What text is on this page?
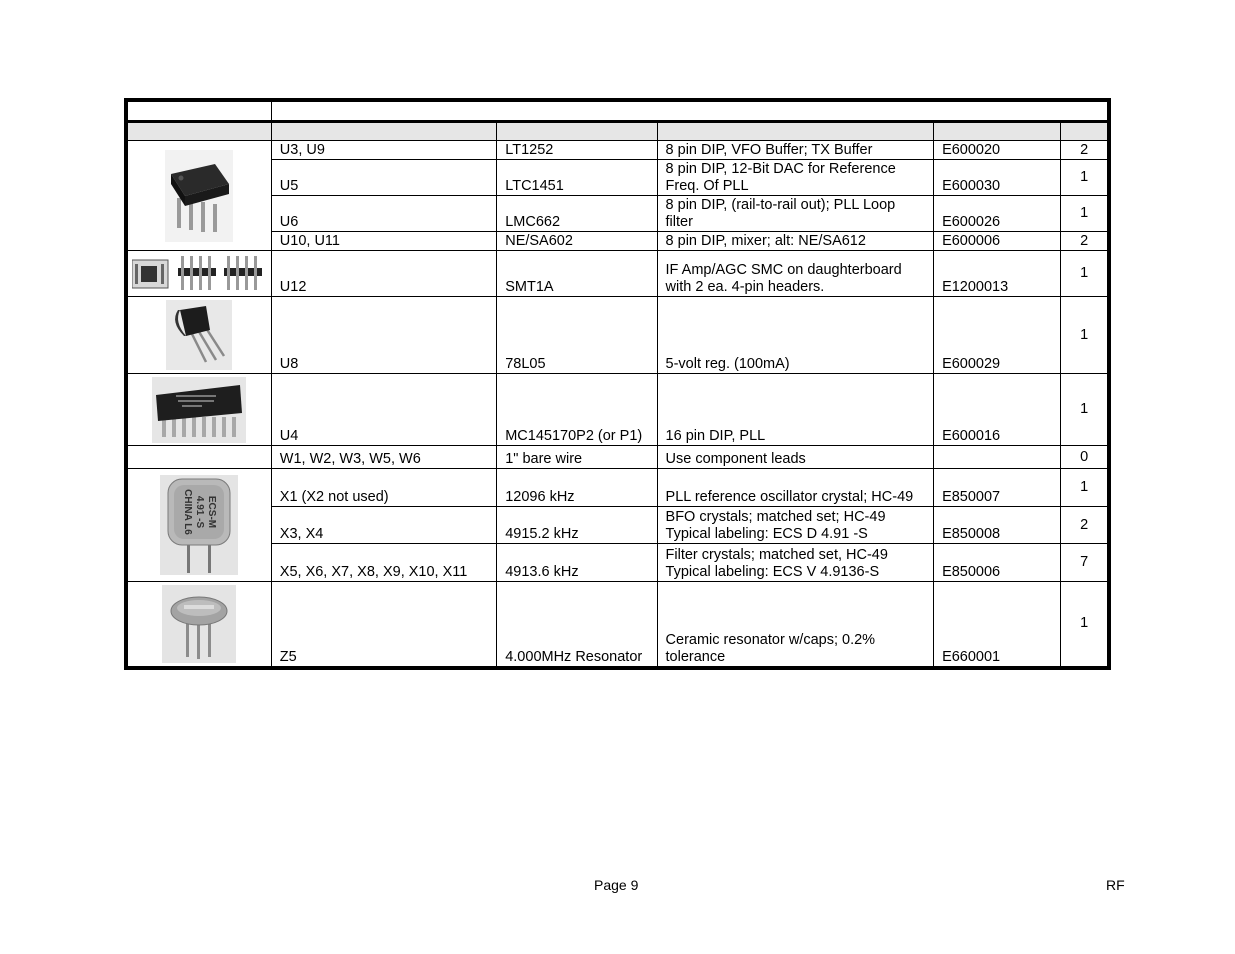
	U3, U9	LT1252	8 pin DIP, VFO Buffer; TX Buffer	E600020	2
	U5	LTC1451	8 pin DIP, 12-Bit DAC for Reference Freq. Of PLL	E600030	1
	U6	LMC662	8 pin DIP, (rail-to-rail out); PLL Loop filter	E600026	1
	U10, U11	NE/SA602	8 pin DIP, mixer; alt: NE/SA612	E600006	2

	U12	SMT1A	IF Amp/AGC SMC on daughterboard with 2 ea. 4-pin headers.	E1200013	1

	U8	78L05	5-volt reg. (100mA)	E600029	1

	U4	MC145170P2 (or P1)	16 pin DIP, PLL	E600016	1
	W1, W2, W3, W5, W6	1" bare wire	Use component leads		0

ECS-M
4.91 -S
CHINA L6	X1 (X2 not used)	12096 kHz	PLL reference oscillator crystal; HC-49	E850007	1
	X3, X4	4915.2 kHz	BFO crystals; matched set; HC-49 Typical labeling: ECS D 4.91 -S	E850008	2
	X5, X6, X7, X8, X9, X10, X11	4913.6 kHz	Filter crystals; matched set, HC-49 Typical labeling: ECS V 4.9136-S	E850006	7

	Z5	4.000MHz Resonator	Ceramic resonator w/caps; 0.2% tolerance	E660001	1
Page 9	RF
